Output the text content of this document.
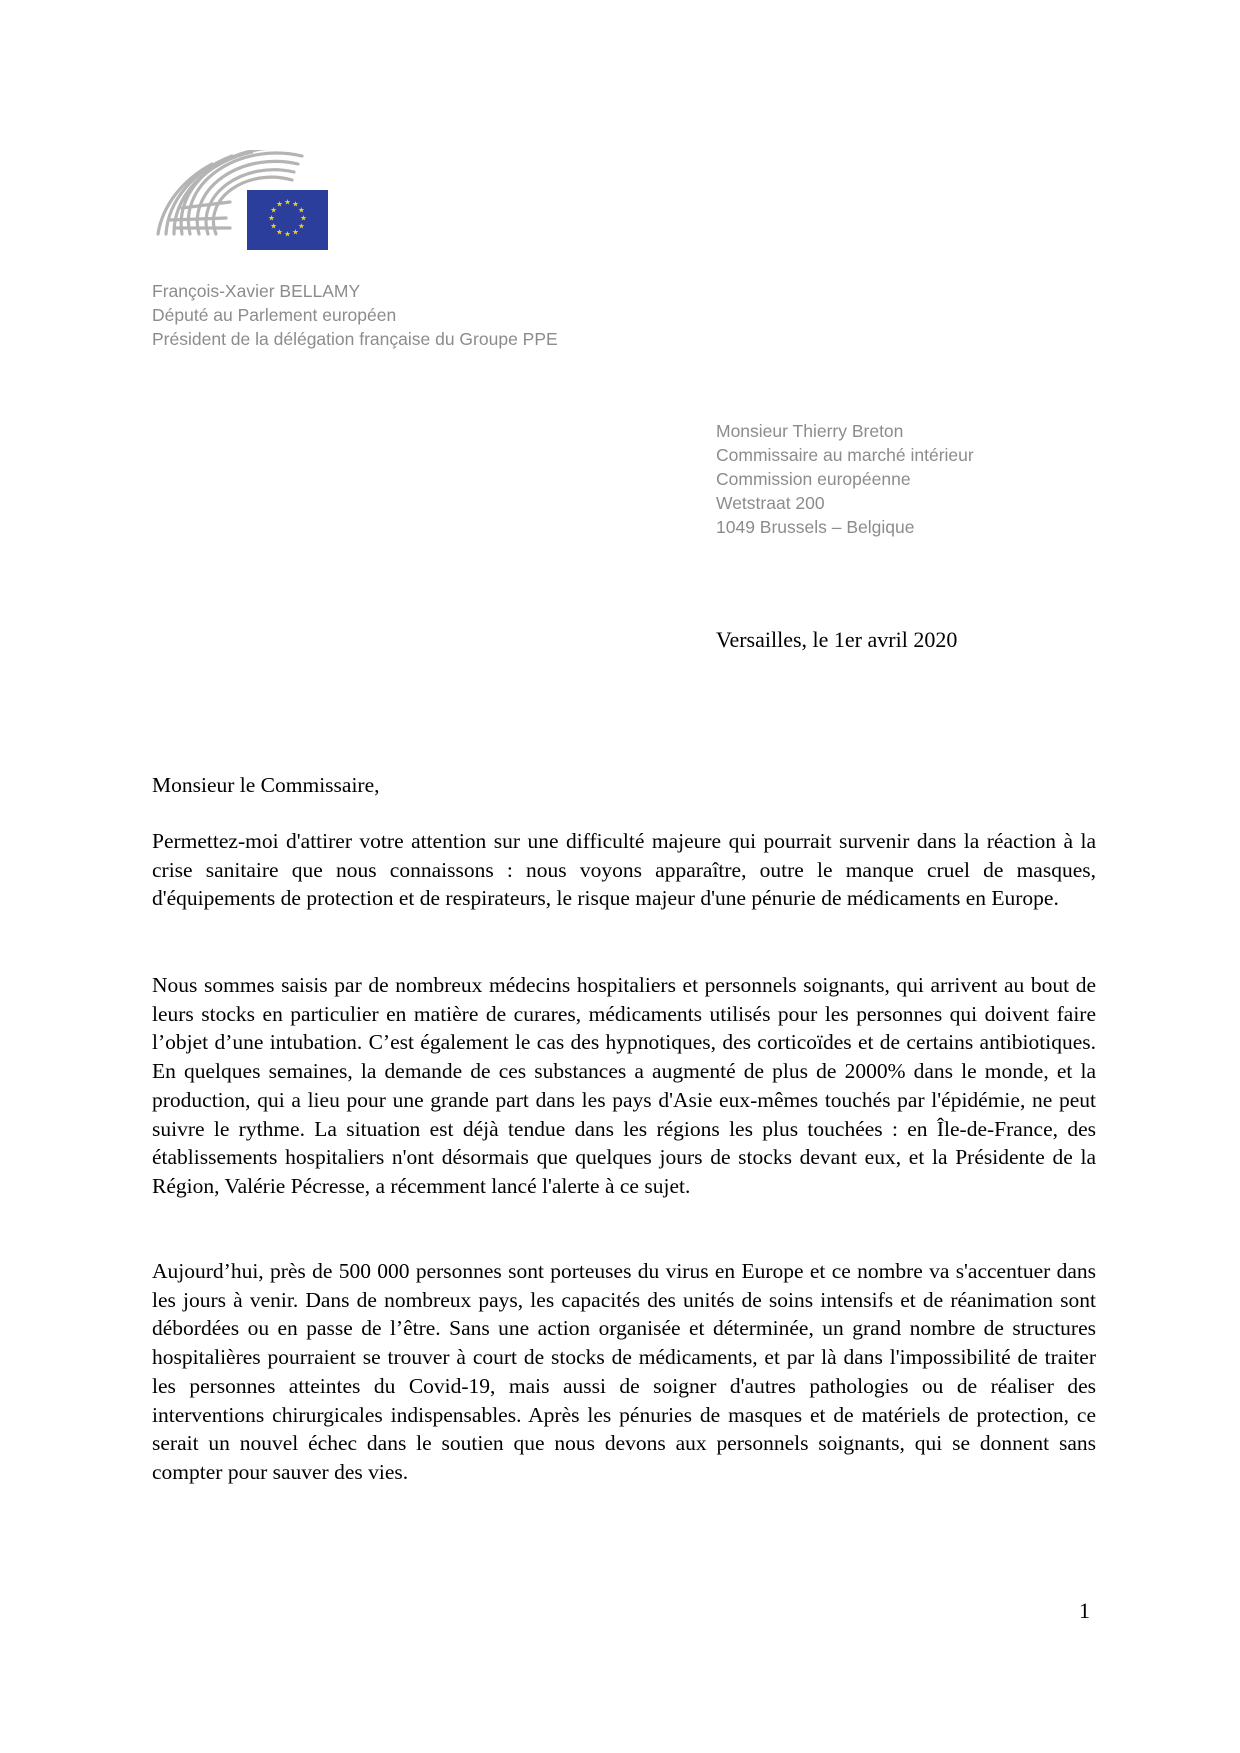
★ ★
★
★
★
★
★
★
★
★
★
★
François-Xavier BELLAMY
Député au Parlement européen
Président de la délégation française du Groupe PPE
Monsieur Thierry Breton
Commissaire au marché intérieur
Commission européenne
Wetstraat 200
1049 Brussels – Belgique
Versailles, le 1er avril 2020
Monsieur le Commissaire,

Permettez-moi d'attirer votre attention sur une difficulté majeure qui pourrait survenir dans la réaction à la crise sanitaire que nous connaissons : nous voyons apparaître, outre le manque cruel de masques, d'équipements de protection et de respirateurs, le risque majeur d'une pénurie de médicaments en Europe.

Nous sommes saisis par de nombreux médecins hospitaliers et personnels soignants, qui arrivent au bout de leurs stocks en particulier en matière de curares, médicaments utilisés pour les personnes qui doivent faire l’objet d’une intubation. C’est également le cas des hypnotiques, des corticoïdes et de certains antibiotiques. En quelques semaines, la demande de ces substances a augmenté de plus de 2000% dans le monde, et la production, qui a lieu pour une grande part dans les pays d'Asie eux-mêmes touchés par l'épidémie, ne peut suivre le rythme. La situation est déjà tendue dans les régions les plus touchées : en Île-de-France, des établissements hospitaliers n'ont désormais que quelques jours de stocks devant eux, et la Présidente de la Région, Valérie Pécresse, a récemment lancé l'alerte à ce sujet.

Aujourd’hui, près de 500 000 personnes sont porteuses du virus en Europe et ce nombre va s'accentuer dans les jours à venir. Dans de nombreux pays, les capacités des unités de soins intensifs et de réanimation sont débordées ou en passe de l’être. Sans une action organisée et déterminée, un grand nombre de structures hospitalières pourraient se trouver à court de stocks de médicaments, et par là dans l'impossibilité de traiter les personnes atteintes du Covid-19, mais aussi de soigner d'autres pathologies ou de réaliser des interventions chirurgicales indispensables. Après les pénuries de masques et de matériels de protection, ce serait un nouvel échec dans le soutien que nous devons aux personnels soignants, qui se donnent sans compter pour sauver des vies.

1
